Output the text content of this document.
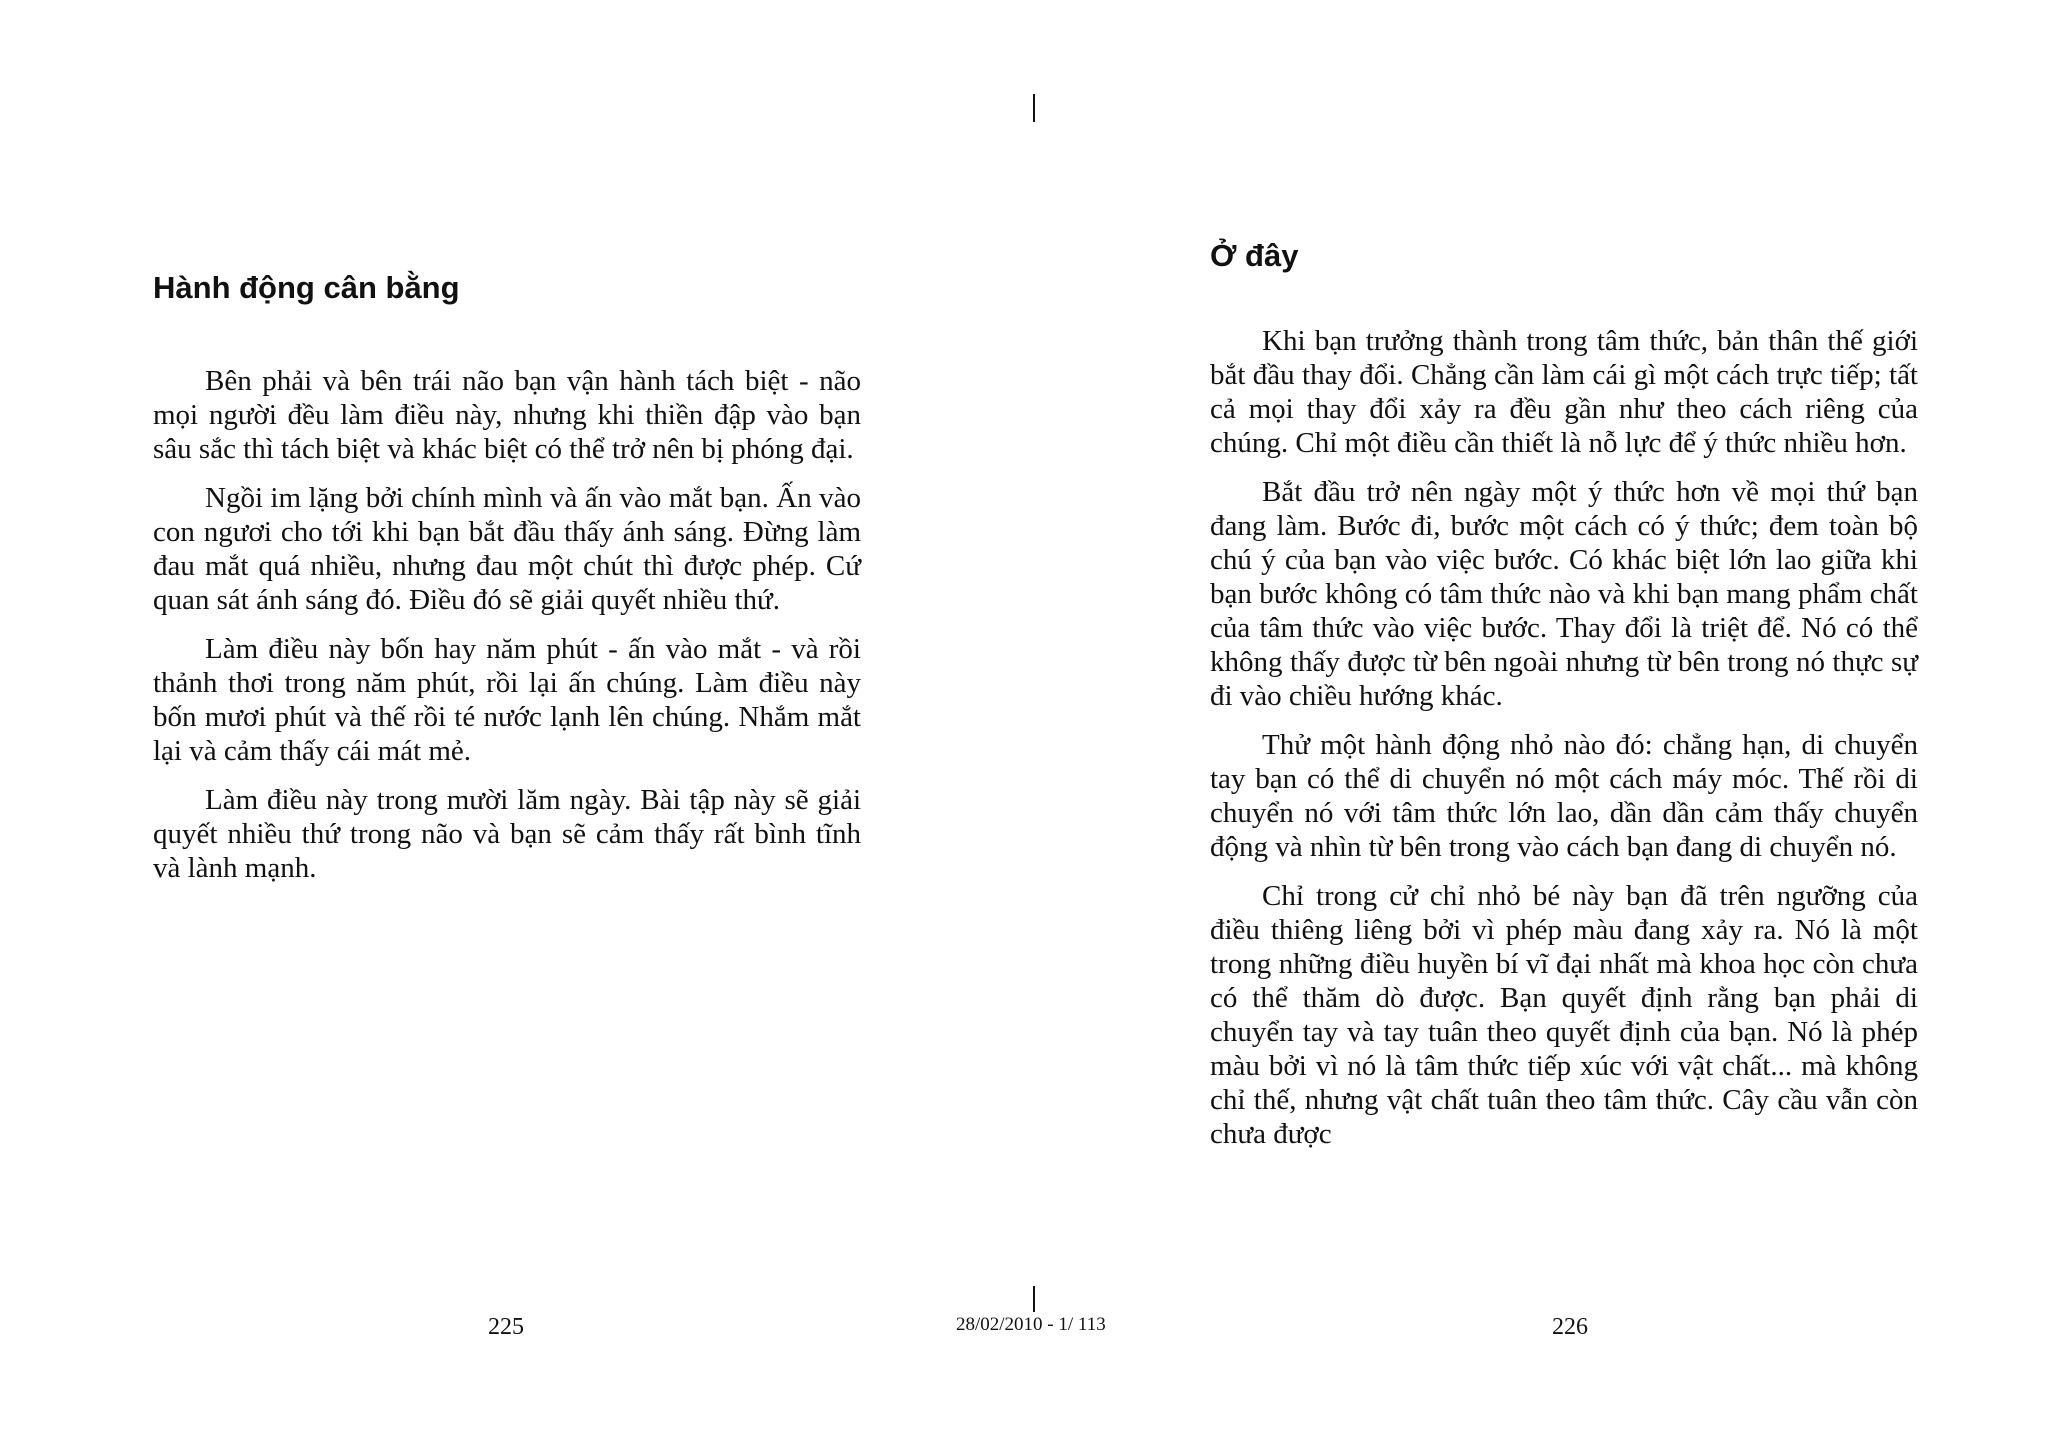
Hành động cân bằng

Bên phải và bên trái não bạn vận hành tách biệt - não mọi người đều làm điều này, nhưng khi thiền đập vào bạn sâu sắc thì tách biệt và khác biệt có thể trở nên bị phóng đại.

Ngồi im lặng bởi chính mình và ấn vào mắt bạn. Ấn vào con ngươi cho tới khi bạn bắt đầu thấy ánh sáng. Đừng làm đau mắt quá nhiều, nhưng đau một chút thì được phép. Cứ quan sát ánh sáng đó. Điều đó sẽ giải quyết nhiều thứ.

Làm điều này bốn hay năm phút - ấn vào mắt - và rồi thảnh thơi trong năm phút, rồi lại ấn chúng. Làm điều này bốn mươi phút và thế rồi té nước lạnh lên chúng. Nhắm mắt lại và cảm thấy cái mát mẻ.

Làm điều này trong mười lăm ngày. Bài tập này sẽ giải quyết nhiều thứ trong não và bạn sẽ cảm thấy rất bình tĩnh và lành mạnh.

Ở đây

Khi bạn trưởng thành trong tâm thức, bản thân thế giới bắt đầu thay đổi. Chẳng cần làm cái gì một cách trực tiếp; tất cả mọi thay đổi xảy ra đều gần như theo cách riêng của chúng. Chỉ một điều cần thiết là nỗ lực để ý thức nhiều hơn.

Bắt đầu trở nên ngày một ý thức hơn về mọi thứ bạn đang làm. Bước đi, bước một cách có ý thức; đem toàn bộ chú ý của bạn vào việc bước. Có khác biệt lớn lao giữa khi bạn bước không có tâm thức nào và khi bạn mang phẩm chất của tâm thức vào việc bước. Thay đổi là triệt để. Nó có thể không thấy được từ bên ngoài nhưng từ bên trong nó thực sự đi vào chiều hướng khác.

Thử một hành động nhỏ nào đó: chẳng hạn, di chuyển tay bạn có thể di chuyển nó một cách máy móc. Thế rồi di chuyển nó với tâm thức lớn lao, dần dần cảm thấy chuyển động và nhìn từ bên trong vào cách bạn đang di chuyển nó.

Chỉ trong cử chỉ nhỏ bé này bạn đã trên ngưỡng của điều thiêng liêng bởi vì phép màu đang xảy ra. Nó là một trong những điều huyền bí vĩ đại nhất mà khoa học còn chưa có thể thăm dò được. Bạn quyết định rằng bạn phải di chuyển tay và tay tuân theo quyết định của bạn. Nó là phép màu bởi vì nó là tâm thức tiếp xúc với vật chất... mà không chỉ thế, nhưng vật chất tuân theo tâm thức. Cây cầu vẫn còn chưa được

225	28/02/2010 - 1/ 113	226
